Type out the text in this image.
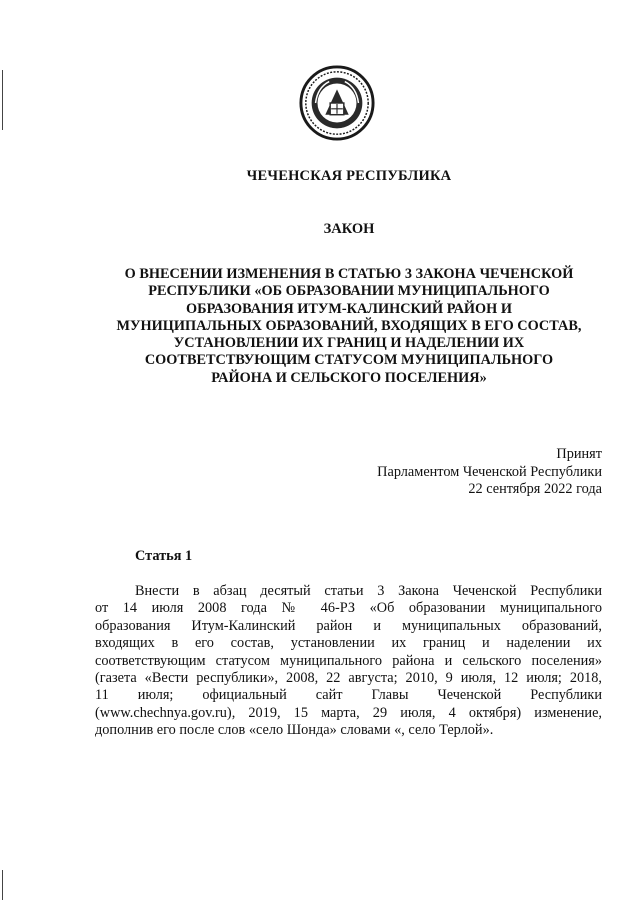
ЧЕЧЕНСКАЯ РЕСПУБЛИКА
ЗАКОН
О ВНЕСЕНИИ ИЗМЕНЕНИЯ В СТАТЬЮ 3 ЗАКОНА ЧЕЧЕНСКОЙ
РЕСПУБЛИКИ «ОБ ОБРАЗОВАНИИ МУНИЦИПАЛЬНОГО
ОБРАЗОВАНИЯ ИТУМ-КАЛИНСКИЙ РАЙОН И
МУНИЦИПАЛЬНЫХ ОБРАЗОВАНИЙ, ВХОДЯЩИХ В ЕГО СОСТАВ,
УСТАНОВЛЕНИИ ИХ ГРАНИЦ И НАДЕЛЕНИИ ИХ
СООТВЕТСТВУЮЩИМ СТАТУСОМ МУНИЦИПАЛЬНОГО
РАЙОНА И СЕЛЬСКОГО ПОСЕЛЕНИЯ»
Принят
Парламентом Чеченской Республики
22 сентября 2022 года
Статья 1
Внести в абзац десятый статьи 3 Закона Чеченской Республики
от 14 июля 2008 года № 46-РЗ «Об образовании муниципального
образования Итум-Калинский район и муниципальных образований,
входящих в его состав, установлении их границ и наделении их
соответствующим статусом муниципального района и сельского поселения»
(газета «Вести республики», 2008, 22 августа; 2010, 9 июля, 12 июля; 2018,
11 июля; официальный сайт Главы Чеченской Республики
(www.chechnya.gov.ru), 2019, 15 марта, 29 июля, 4 октября) изменение,
дополнив его после слов «село Шонда» словами «, село Терлой».
